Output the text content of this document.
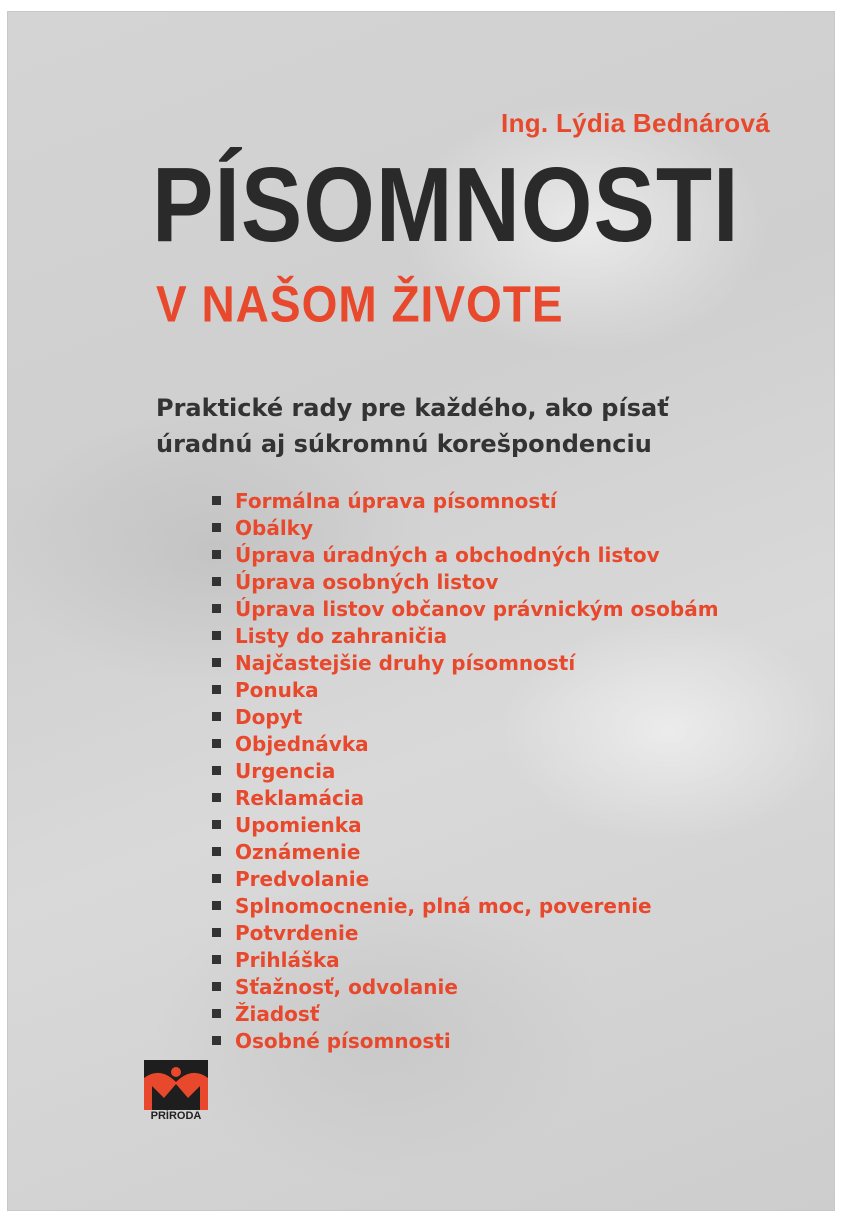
Ing. Lýdia Bednárová
PÍSOMNOSTI
V NAŠOM ŽIVOTE
Praktické rady pre každého, ako písať
úradnú aj súkromnú korešpondenciu
Formálna úprava písomností
Obálky
Úprava úradných a obchodných listov
Úprava osobných listov
Úprava listov občanov právnickým osobám
Listy do zahraničia
Najčastejšie druhy písomností
Ponuka
Dopyt
Objednávka
Urgencia
Reklamácia
Upomienka
Oznámenie
Predvolanie
Splnomocnenie, plná moc, poverenie
Potvrdenie
Prihláška
Sťažnosť, odvolanie
Žiadosť
Osobné písomnosti
PRÍRODA
